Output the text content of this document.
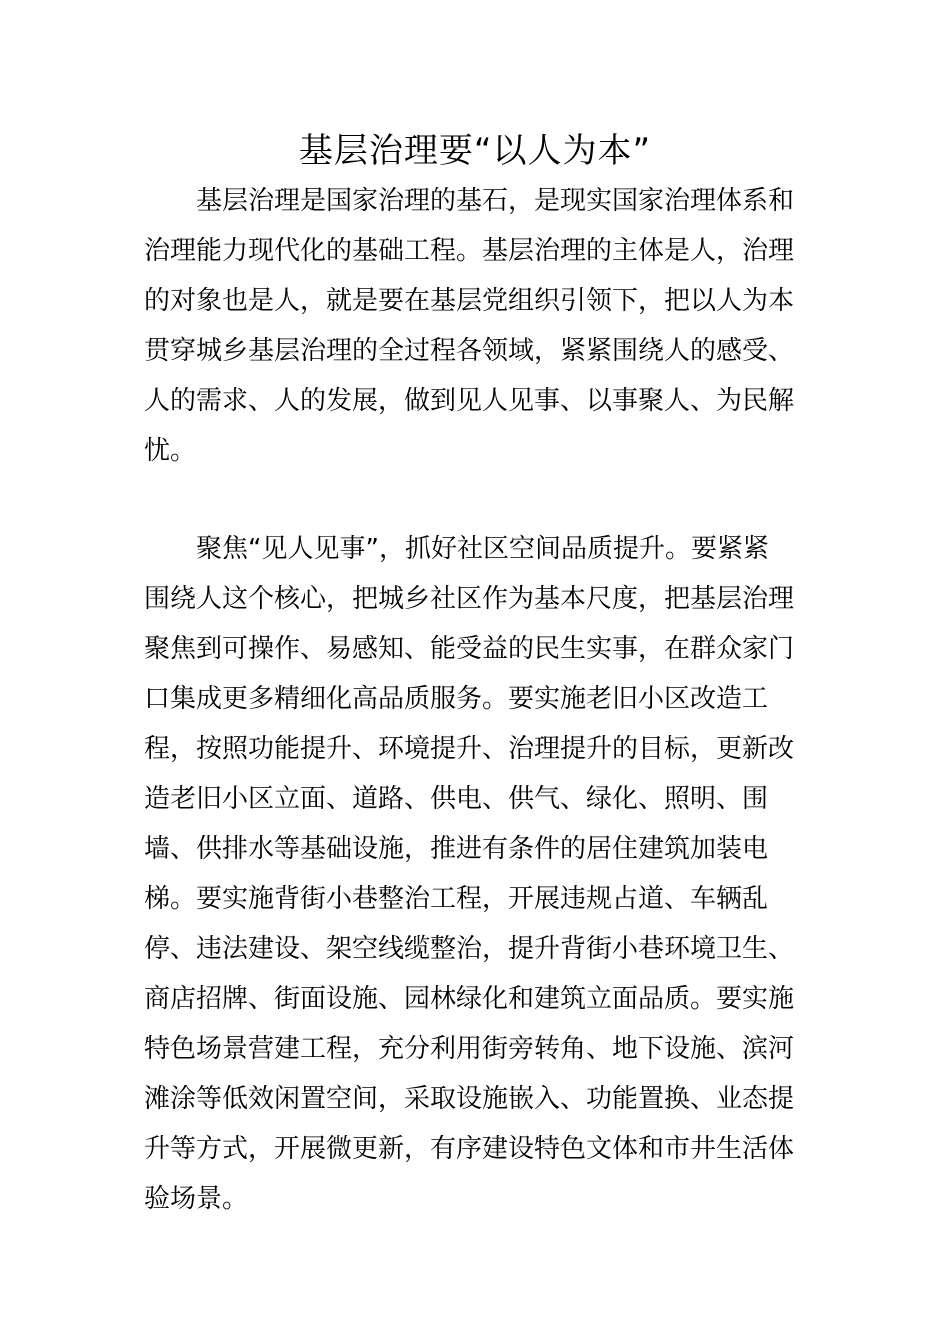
基层治理要“以人为本”
基层治理是国家治理的基石，是现实国家治理体系和
治理能力现代化的基础工程。基层治理的主体是人，治理
的对象也是人，就是要在基层党组织引领下，把以人为本
贯穿城乡基层治理的全过程各领域，紧紧围绕人的感受、
人的需求、人的发展，做到见人见事、以事聚人、为民解
忧。
聚焦“见人见事”，抓好社区空间品质提升。要紧紧
围绕人这个核心，把城乡社区作为基本尺度，把基层治理
聚焦到可操作、易感知、能受益的民生实事，在群众家门
口集成更多精细化高品质服务。要实施老旧小区改造工
程，按照功能提升、环境提升、治理提升的目标，更新改
造老旧小区立面、道路、供电、供气、绿化、照明、围
墙、供排水等基础设施，推进有条件的居住建筑加装电
梯。要实施背街小巷整治工程，开展违规占道、车辆乱
停、违法建设、架空线缆整治，提升背街小巷环境卫生、
商店招牌、街面设施、园林绿化和建筑立面品质。要实施
特色场景营建工程，充分利用街旁转角、地下设施、滨河
滩涂等低效闲置空间，采取设施嵌入、功能置换、业态提
升等方式，开展微更新，有序建设特色文体和市井生活体
验场景。
